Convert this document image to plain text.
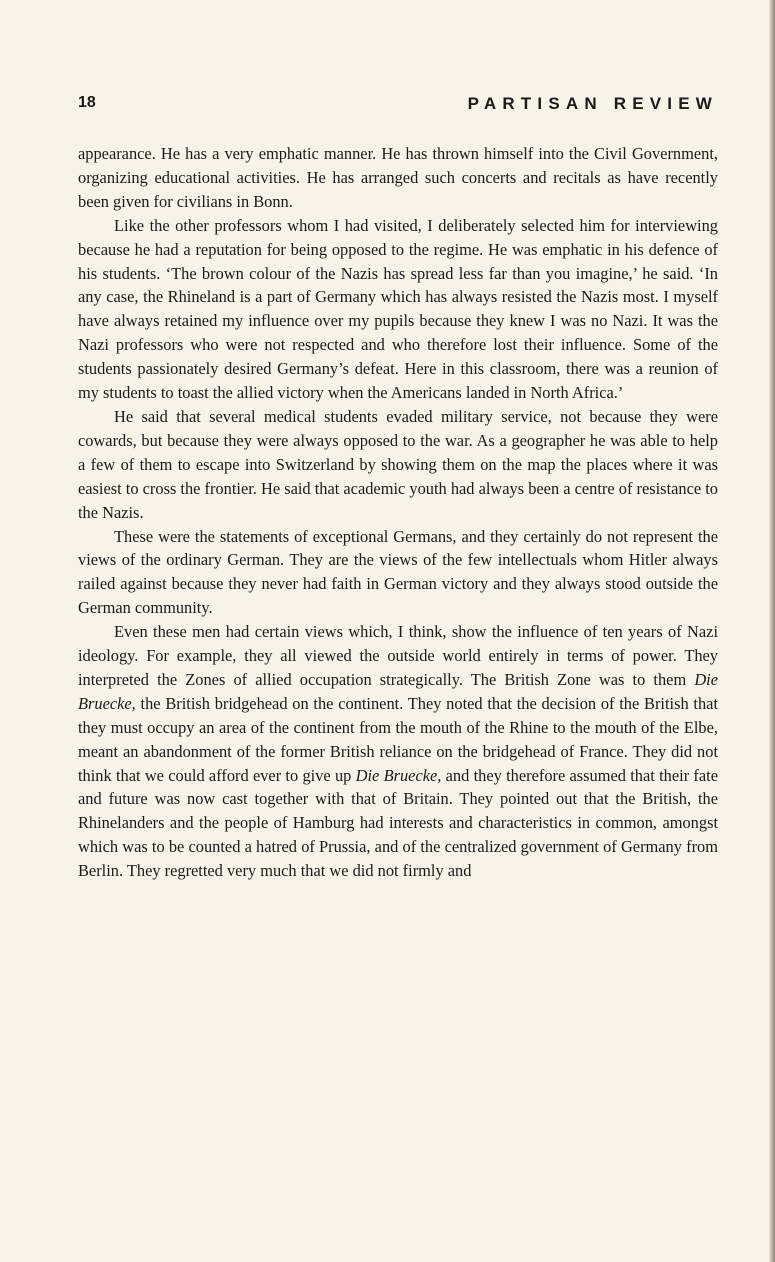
18	PARTISAN REVIEW

appearance. He has a very emphatic manner. He has thrown himself into the Civil Government, organizing educational activities. He has arranged such concerts and recitals as have recently been given for civilians in Bonn.

Like the other professors whom I had visited, I deliberately selected him for interviewing because he had a reputation for being opposed to the regime. He was emphatic in his defence of his students. ‘The brown colour of the Nazis has spread less far than you imagine,’ he said. ‘In any case, the Rhineland is a part of Germany which has always resisted the Nazis most. I myself have always retained my influence over my pupils because they knew I was no Nazi. It was the Nazi professors who were not respected and who therefore lost their influence. Some of the students passionately desired Germany’s defeat. Here in this classroom, there was a reunion of my students to toast the allied victory when the Americans landed in North Africa.’

He said that several medical students evaded military service, not because they were cowards, but because they were always opposed to the war. As a geographer he was able to help a few of them to escape into Switzerland by showing them on the map the places where it was easiest to cross the frontier. He said that academic youth had always been a centre of resistance to the Nazis.

These were the statements of exceptional Germans, and they certainly do not represent the views of the ordinary German. They are the views of the few intellectuals whom Hitler always railed against because they never had faith in German victory and they always stood outside the German community.

Even these men had certain views which, I think, show the influence of ten years of Nazi ideology. For example, they all viewed the outside world entirely in terms of power. They interpreted the Zones of allied occupation strategically. The British Zone was to them Die Bruecke, the British bridgehead on the continent. They noted that the decision of the British that they must occupy an area of the continent from the mouth of the Rhine to the mouth of the Elbe, meant an abandonment of the former British reliance on the bridgehead of France. They did not think that we could afford ever to give up Die Bruecke, and they therefore assumed that their fate and future was now cast together with that of Britain. They pointed out that the British, the Rhinelanders and the people of Hamburg had interests and characteristics in common, amongst which was to be counted a hatred of Prussia, and of the centralized government of Germany from Berlin. They regretted very much that we did not firmly and
